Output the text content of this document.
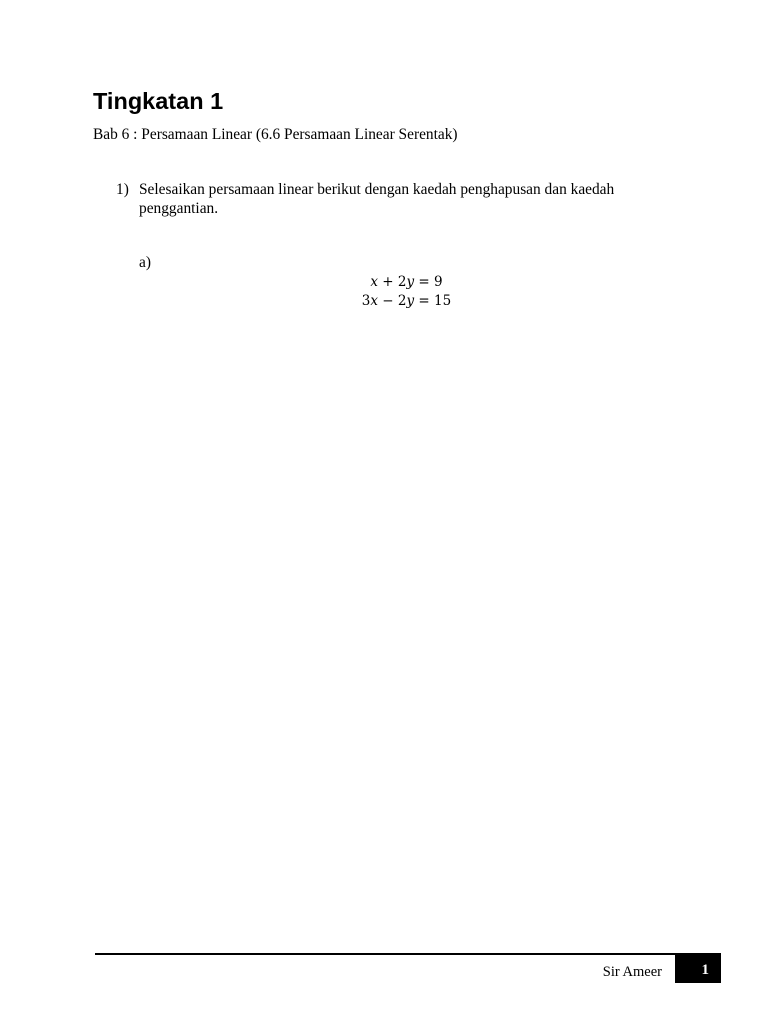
Tingkatan 1

Bab 6 : Persamaan Linear (6.6 Persamaan Linear Serentak)

1) Selesaikan persamaan linear berikut dengan kaedah penghapusan dan kaedah
penggantian.
a)
x + 2y = 9
3x − 2y = 15
Sir Ameer	1
